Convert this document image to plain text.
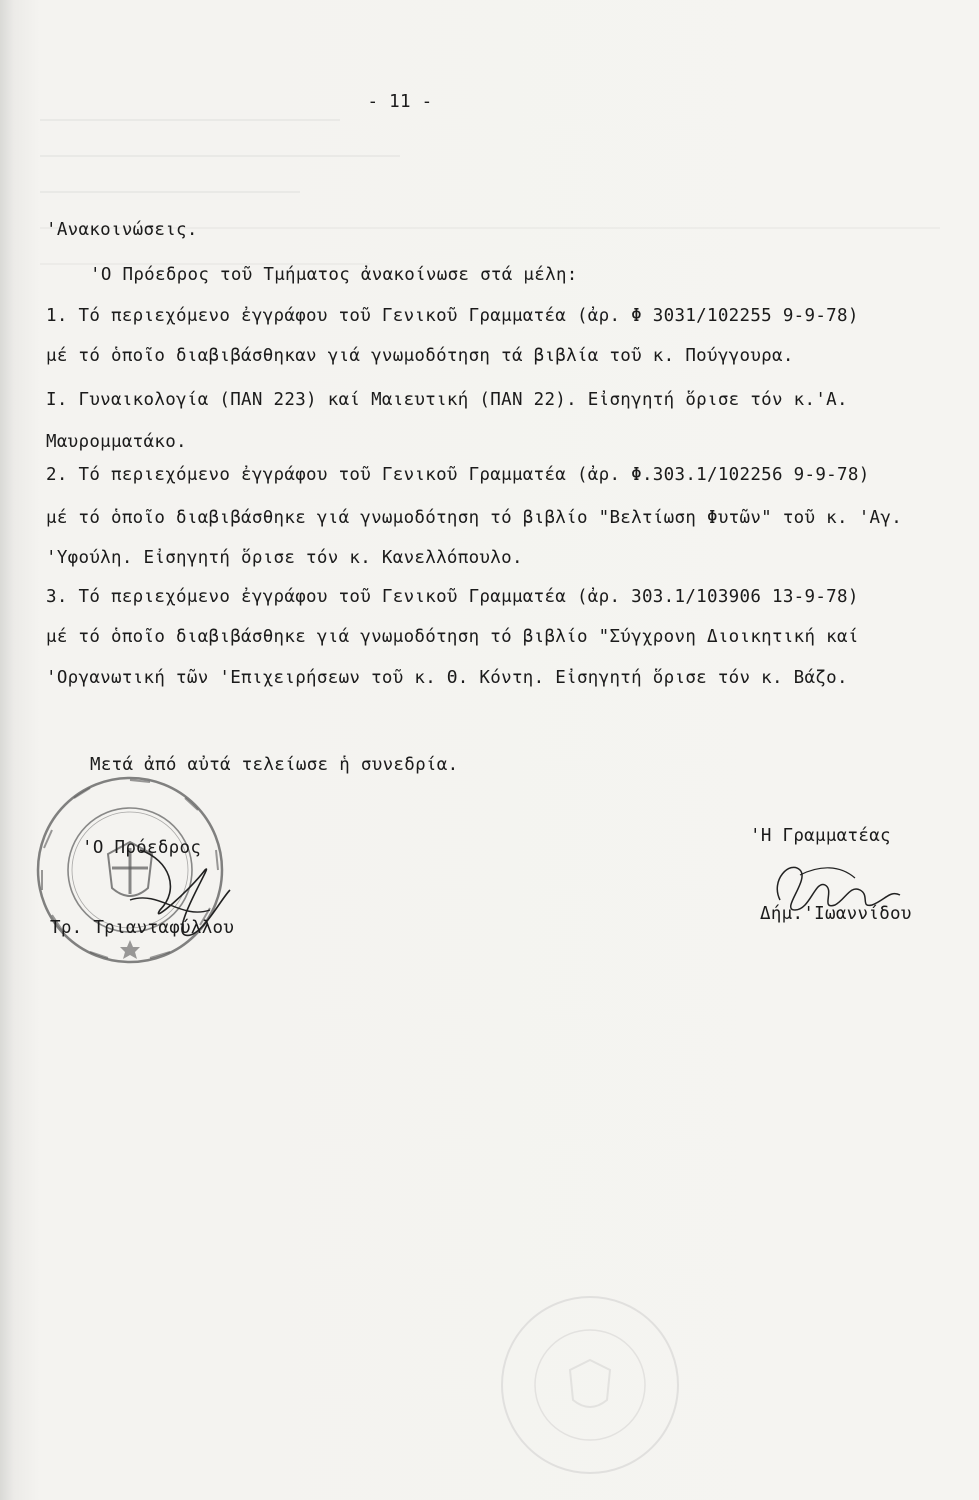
- 11 -
'Ανακοινώσεις.
'Ο Πρόεδρος τοῦ Τμήματος ἀνακοίνωσε στά μέλη:
1. Τό περιεχόμενο ἐγγράφου τοῦ Γενικοῦ Γραμματέα (ἀρ. Φ 3031/102255 9-9-78)
μέ τό ὁποῖο διαβιβάσθηκαν γιά γνωμοδότηση τά βιβλία τοῦ κ. Πούγγουρα.
I. Γυναικολογία (ΠΑΝ 223) καί Μαιευτική (ΠΑΝ 22). Εἰσηγητή ὅρισε τόν κ.'Α.
Μαυρομματάκο.
2. Τό περιεχόμενο ἐγγράφου τοῦ Γενικοῦ Γραμματέα (ἀρ. Φ.303.1/102256 9-9-78)
μέ τό ὁποῖο διαβιβάσθηκε γιά γνωμοδότηση τό βιβλίο "Βελτίωση Φυτῶν" τοῦ κ. 'Αγ.
'Υφούλη. Εἰσηγητή ὅρισε τόν κ. Κανελλόπουλο.
3. Τό περιεχόμενο ἐγγράφου τοῦ Γενικοῦ Γραμματέα (ἀρ. 303.1/103906 13-9-78)
μέ τό ὁποῖο διαβιβάσθηκε γιά γνωμοδότηση τό βιβλίο "Σύγχρονη Διοικητική καί
'Οργανωτική τῶν 'Επιχειρήσεων τοῦ κ. Θ. Κόντη. Εἰσηγητή ὅρισε τόν κ. Βάζο.
Μετά ἀπό αὐτά τελείωσε ἡ συνεδρία.
'Ο Πρόεδρος
Τρ. Τριανταφύλλου
'Η Γραμματέας
Δήμ.'Ιωαννίδου
